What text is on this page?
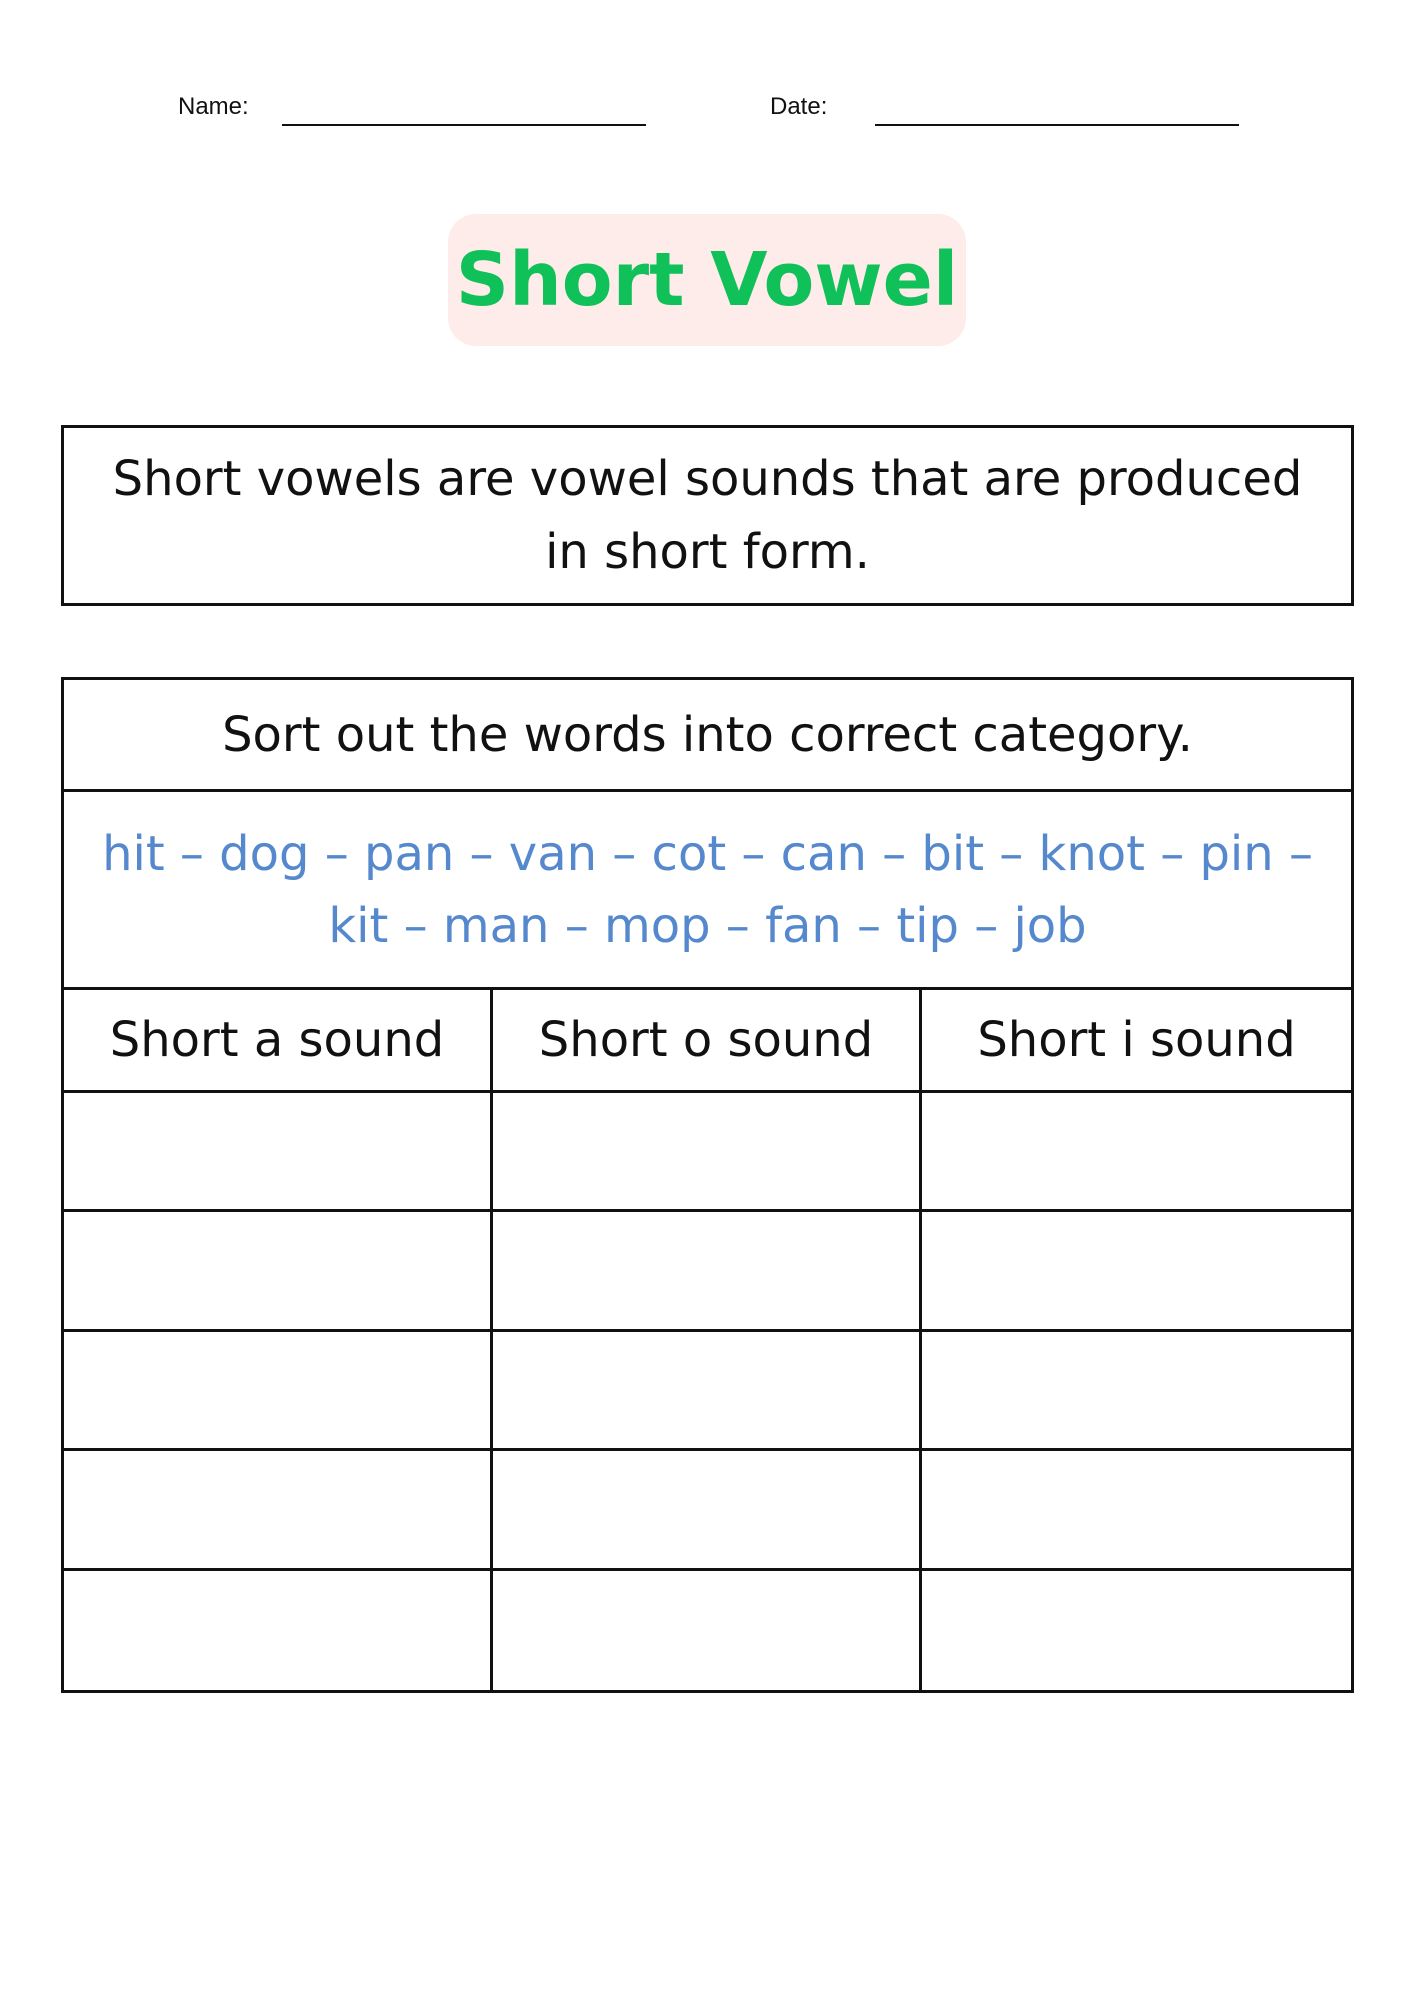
Name:	Date:
Short Vowel
Short vowels are vowel sounds that are produced in short form.
Sort out the words into correct category.
hit – dog – pan – van – cot – can – bit – knot – pin – kit – man – mop – fan – tip – job
Short a sound	Short o sound	Short i sound
